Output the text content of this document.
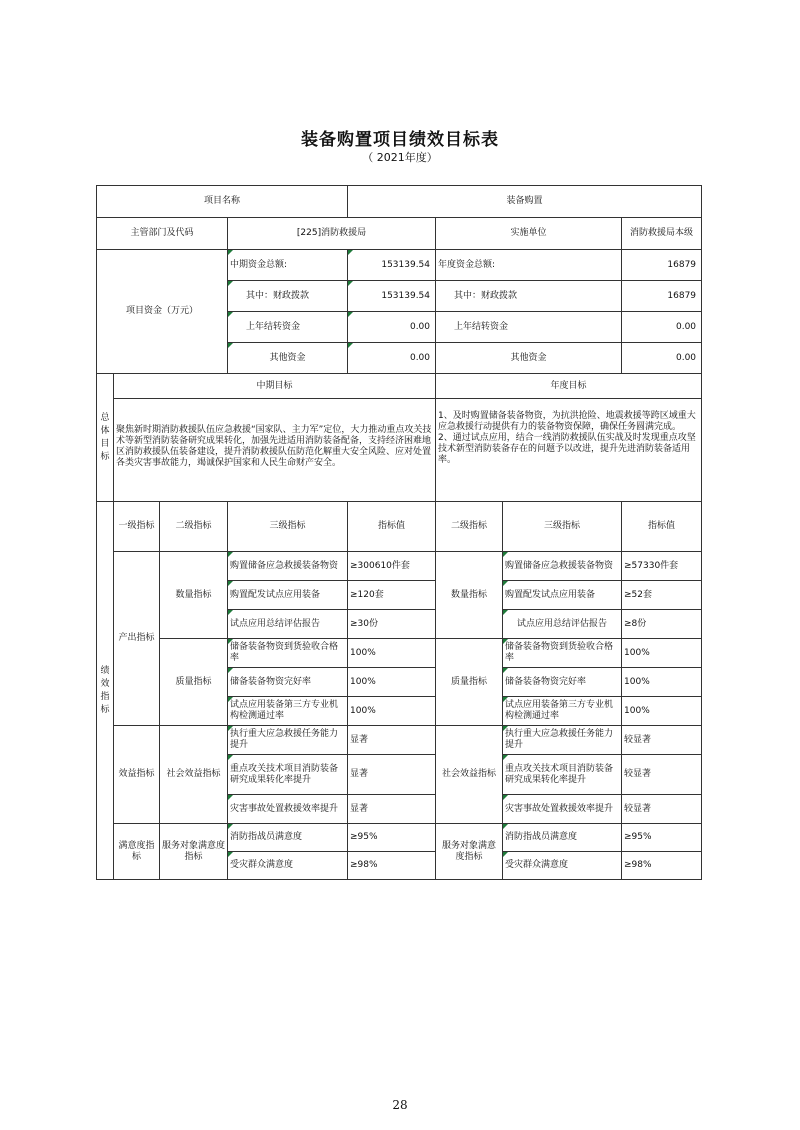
装备购置项目绩效目标表
（ 2021年度）
项目名称				装备购置			
主管部门及代码			[225]消防救援局		实施单位		消防救援局本级
项目资金（万元）			中期资金总额:	153139.54	年度资金总额:		16879
			其中：财政拨款	153139.54	其中：财政拨款		16879
			上年结转资金	0.00	上年结转资金		0.00
			其他资金	0.00	其他资金		0.00

总
体
目
标	中期目标				年度目标		
	聚焦新时期消防救援队伍应急救援“国家队、主力军”定位，大力推动重点攻关技术等新型消防装备研究成果转化，加强先进适用消防装备配备，支持经济困难地区消防救援队伍装备建设，提升消防救援队伍防范化解重大安全风险、应对处置各类灾害事故能力，竭诚保护国家和人民生命财产安全。				1、及时购置储备装备物资，为抗洪抢险、地震救援等跨区域重大应急救援行动提供有力的装备物资保障，确保任务圆满完成。
2、通过试点应用，结合一线消防救援队伍实战及时发现重点攻坚技术新型消防装备存在的问题予以改进，提升先进消防装备适用率。		

绩
效
指
标	一级指标	二级指标	三级指标	指标值	二级指标	三级指标	指标值
	产出指标	数量指标	购置储备应急救援装备物资	≥300610件套	数量指标	购置储备应急救援装备物资	≥57330件套
			购置配发试点应用装备	≥120套		购置配发试点应用装备	≥52套
			试点应用总结评估报告	≥30份		试点应用总结评估报告	≥8份
		质量指标	储备装备物资到货验收合格率	100%	质量指标	储备装备物资到货验收合格率	100%
			储备装备物资完好率	100%		储备装备物资完好率	100%
			试点应用装备第三方专业机构检测通过率	100%		试点应用装备第三方专业机构检测通过率	100%
	效益指标	社会效益指标	执行重大应急救援任务能力提升	显著	社会效益指标	执行重大应急救援任务能力提升	较显著
			重点攻关技术项目消防装备研究成果转化率提升	显著		重点攻关技术项目消防装备研究成果转化率提升	较显著
			灾害事故处置救援效率提升	显著		灾害事故处置救援效率提升	较显著
	满意度指标	服务对象满意度指标	消防指战员满意度	≥95%	服务对象满意度指标	消防指战员满意度	≥95%
			受灾群众满意度	≥98%		受灾群众满意度	≥98%
28
